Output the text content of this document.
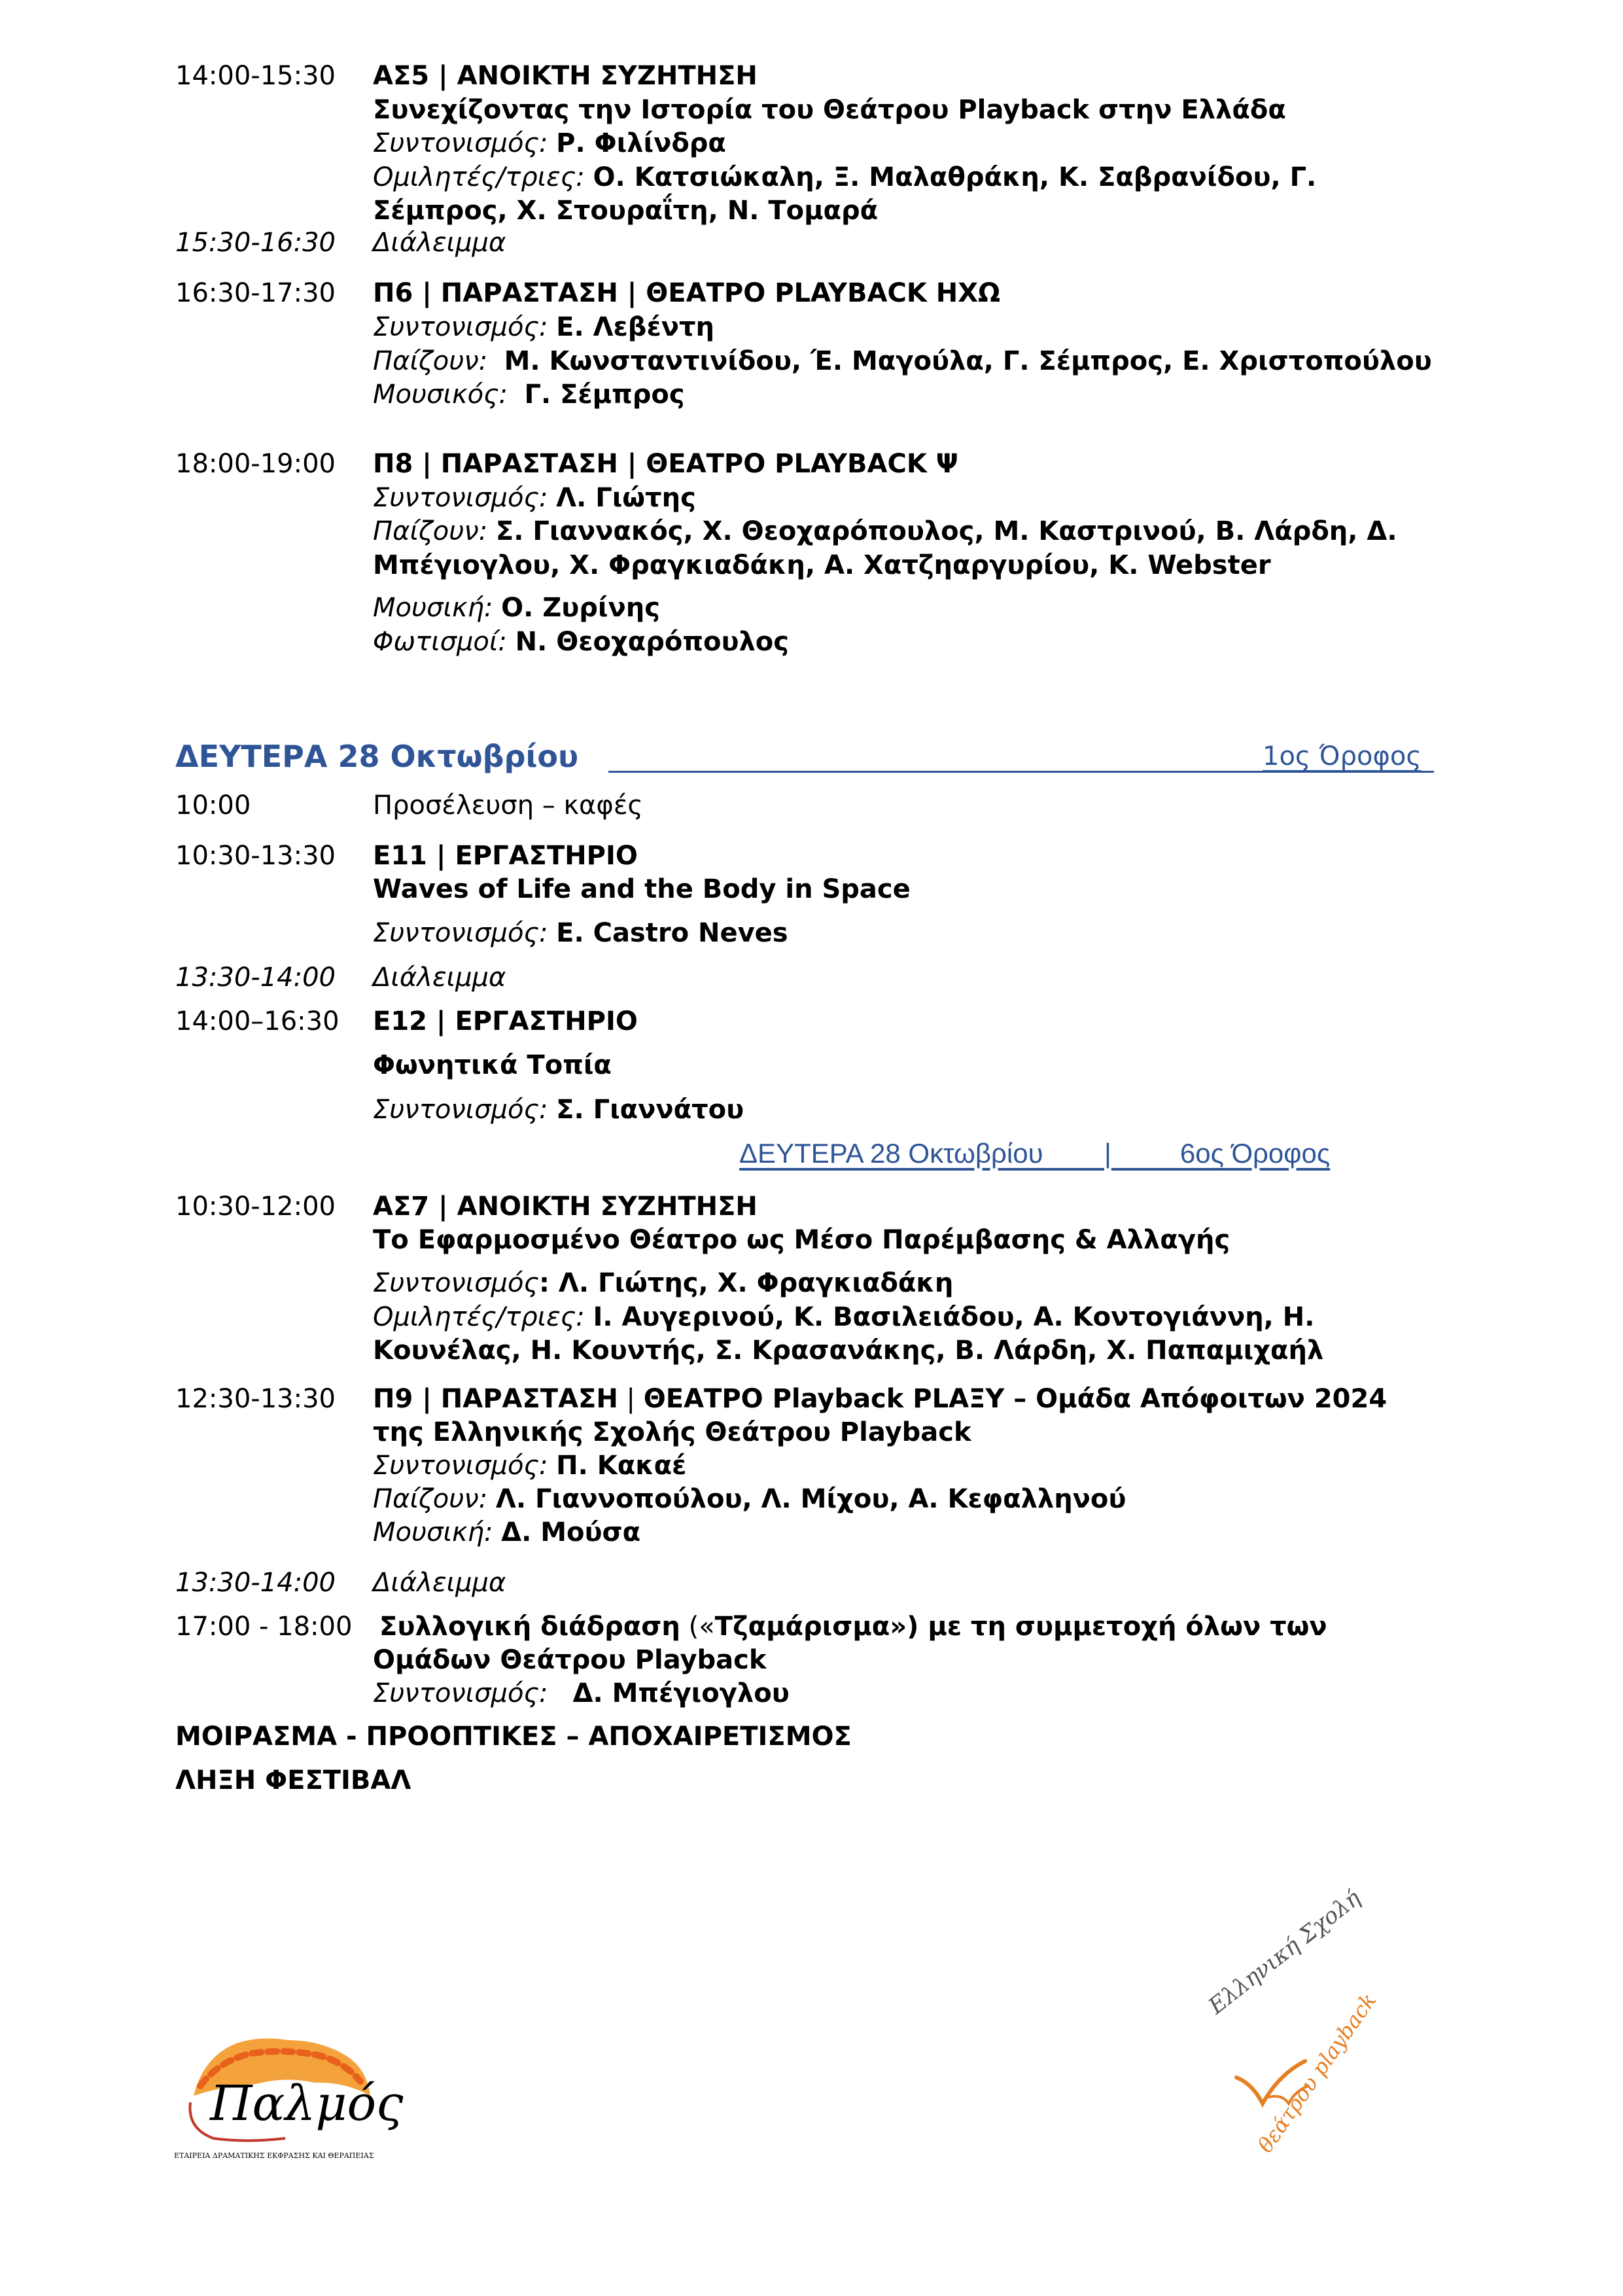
14:00-15:30 ΑΣ5 | ΑΝΟΙΚΤΗ ΣΥΖΗΤΗΣΗ
Συνεχίζοντας την Ιστορία του Θεάτρου Playback στην Ελλάδα
Συντονισμός: Ρ. Φιλίνδρα
Ομιλητές/τριες: Ο. Κατσιώκαλη, Ξ. Μαλαθράκη, Κ. Σαβρανίδου, Γ.
Σέμπρος, Χ. Στουραΐτη, Ν. Τομαρά
15:30-16:30 Διάλειμμα
16:30-17:30 Π6 | ΠΑΡΑΣΤΑΣΗ | ΘΕΑΤΡΟ PLAYBACK ΗΧΩ
Συντονισμός: Ε. Λεβέντη
Παίζουν: Μ. Κωνσταντινίδου, Έ. Μαγούλα, Γ. Σέμπρος, Ε. Χριστοπούλου
Μουσικός: Γ. Σέμπρος
18:00-19:00 Π8 | ΠΑΡΑΣΤΑΣΗ | ΘΕΑΤΡΟ PLAYBACK Ψ
Συντονισμός: Λ. Γιώτης
Παίζουν: Σ. Γιαννακός, Χ. Θεοχαρόπουλος, Μ. Καστρινού, Β. Λάρδη, Δ.
Μπέγιογλου, Χ. Φραγκιαδάκη, Α. Χατζηαργυρίου, Κ. Webster
Μουσική: Ο. Ζυρίνης
Φωτισμοί: Ν. Θεοχαρόπουλος
ΔΕΥΤΕΡΑ 28 Οκτωβρίου	1ος Όροφος
10:00	Προσέλευση – καφές
10:30-13:30 Ε11 | ΕΡΓΑΣΤΗΡΙΟ
Waves of Life and the Body in Space
Συντονισμός: E. Castro Neves
13:30-14:00 Διάλειμμα
14:00–16:30 Ε12 | ΕΡΓΑΣΤΗΡΙΟ
Φωνητικά Τοπία
Συντονισμός: Σ. Γιαννάτου
ΔΕΥΤΕΡΑ 28 Οκτωβρίου |	6ος Όροφος
10:30-12:00 ΑΣ7 | ΑΝΟΙΚΤΗ ΣΥΖΗΤΗΣΗ
Το Εφαρμοσμένο Θέατρο ως Μέσο Παρέμβασης & Αλλαγής
Συντονισμός: Λ. Γιώτης, Χ. Φραγκιαδάκη
Ομιλητές/τριες: Ι. Αυγερινού, Κ. Βασιλειάδου, Α. Κοντογιάννη, Η.
Κουνέλας, Η. Κουντής, Σ. Κρασανάκης, Β. Λάρδη, Χ. Παπαμιχαήλ
12:30-13:30 Π9 | ΠΑΡΑΣΤΑΣΗ | ΘΕΑΤΡΟ Playback PLAΞΥ – Ομάδα Απόφοιτων 2024
της Ελληνικής Σχολής Θεάτρου Playback
Συντονισμός: Π. Κακαέ
Παίζουν: Λ. Γιαννοπούλου, Λ. Μίχου, Α. Κεφαλληνού
Μουσική: Δ. Μούσα
13:30-14:00 Διάλειμμα
17:00 - 18:00 Συλλογική διάδραση («Τζαμάρισμα») με τη συμμετοχή όλων των
Ομάδων Θεάτρου Playback
Συντονισμός: Δ. Μπέγιογλου
ΜΟΙΡΑΣΜΑ - ΠΡΟΟΠΤΙΚΕΣ – ΑΠΟΧΑΙΡΕΤΙΣΜΟΣ
ΛΗΞΗ ΦΕΣΤΙΒΑΛ
Παλμός
ΕΤΑΙΡΕΙΑ ΔΡΑΜΑΤΙΚΗΣ ΕΚΦΡΑΣΗΣ ΚΑΙ ΘΕΡΑΠΕΙΑΣ
Ελληνική Σχολή
θεάτρου playback
